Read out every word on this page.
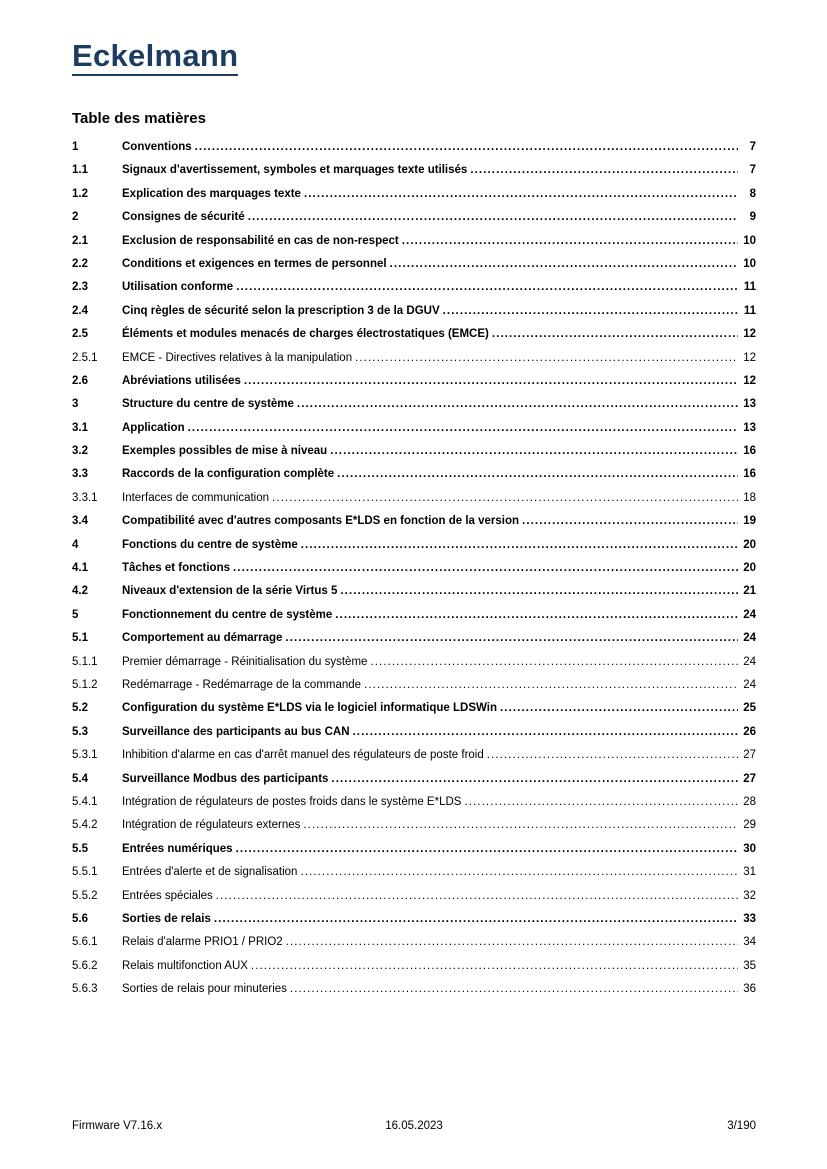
Eckelmann
Table des matières
1	Conventions .....	7
1.1	Signaux d'avertissement, symboles et marquages texte utilisés .....	7
1.2	Explication des marquages texte .....	8
2	Consignes de sécurité .....	9
2.1	Exclusion de responsabilité en cas de non-respect .....	10
2.2	Conditions et exigences en termes de personnel .....	10
2.3	Utilisation conforme .....	11
2.4	Cinq règles de sécurité selon la prescription 3 de la DGUV .....	11
2.5	Éléments et modules menacés de charges électrostatiques (EMCE) .....	12
2.5.1	EMCE - Directives relatives à la manipulation .....	12
2.6	Abréviations utilisées .....	12
3	Structure du centre de système .....	13
3.1	Application .....	13
3.2	Exemples possibles de mise à niveau .....	16
3.3	Raccords de la configuration complète .....	16
3.3.1	Interfaces de communication .....	18
3.4	Compatibilité avec d'autres composants E*LDS en fonction de la version .....	19
4	Fonctions du centre de système .....	20
4.1	Tâches et fonctions .....	20
4.2	Niveaux d'extension de la série Virtus 5 .....	21
5	Fonctionnement du centre de système .....	24
5.1	Comportement au démarrage .....	24
5.1.1	Premier démarrage - Réinitialisation du système .....	24
5.1.2	Redémarrage - Redémarrage de la commande .....	24
5.2	Configuration du système E*LDS via le logiciel informatique LDSWin .....	25
5.3	Surveillance des participants au bus CAN .....	26
5.3.1	Inhibition d'alarme en cas d'arrêt manuel des régulateurs de poste froid .....	27
5.4	Surveillance Modbus des participants .....	27
5.4.1	Intégration de régulateurs de postes froids dans le système E*LDS .....	28
5.4.2	Intégration de régulateurs externes .....	29
5.5	Entrées numériques .....	30
5.5.1	Entrées d'alerte et de signalisation .....	31
5.5.2	Entrées spéciales .....	32
5.6	Sorties de relais .....	33
5.6.1	Relais d'alarme PRIO1 / PRIO2 .....	34
5.6.2	Relais multifonction AUX .....	35
5.6.3	Sorties de relais pour minuteries .....	36
Firmware V7.16.x	16.05.2023	3/190
